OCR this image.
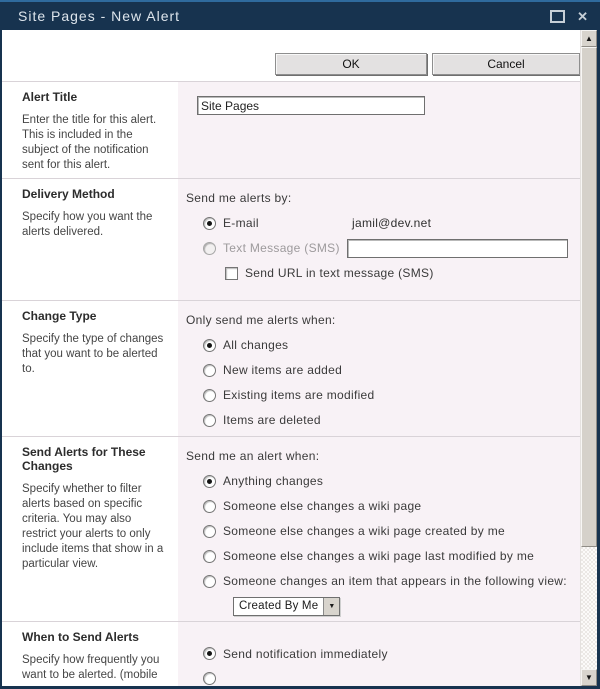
Site Pages - New Alert	✕
OK	Cancel
Alert Title

Enter the title for this alert. This is included in the subject of the notification sent for this alert.

Site Pages
Delivery Method

Specify how you want the alerts delivered.

Send me alerts by:
E-mail	jamil@dev.net
Text Message (SMS)
Send URL in text message (SMS)
Change Type

Specify the type of changes that you want to be alerted to.

Only send me alerts when:
All changes
New items are added
Existing items are modified
Items are deleted
Send Alerts for These Changes

Specify whether to filter alerts based on specific criteria. You may also restrict your alerts to only include items that show in a particular view.

Send me an alert when:
Anything changes
Someone else changes a wiki page
Someone else changes a wiki page created by me
Someone else changes a wiki page last modified by me
Someone changes an item that appears in the following view:
Created By Me	▼
When to Send Alerts

Specify how frequently you want to be alerted. (mobile

Send notification immediately
▲
▼
